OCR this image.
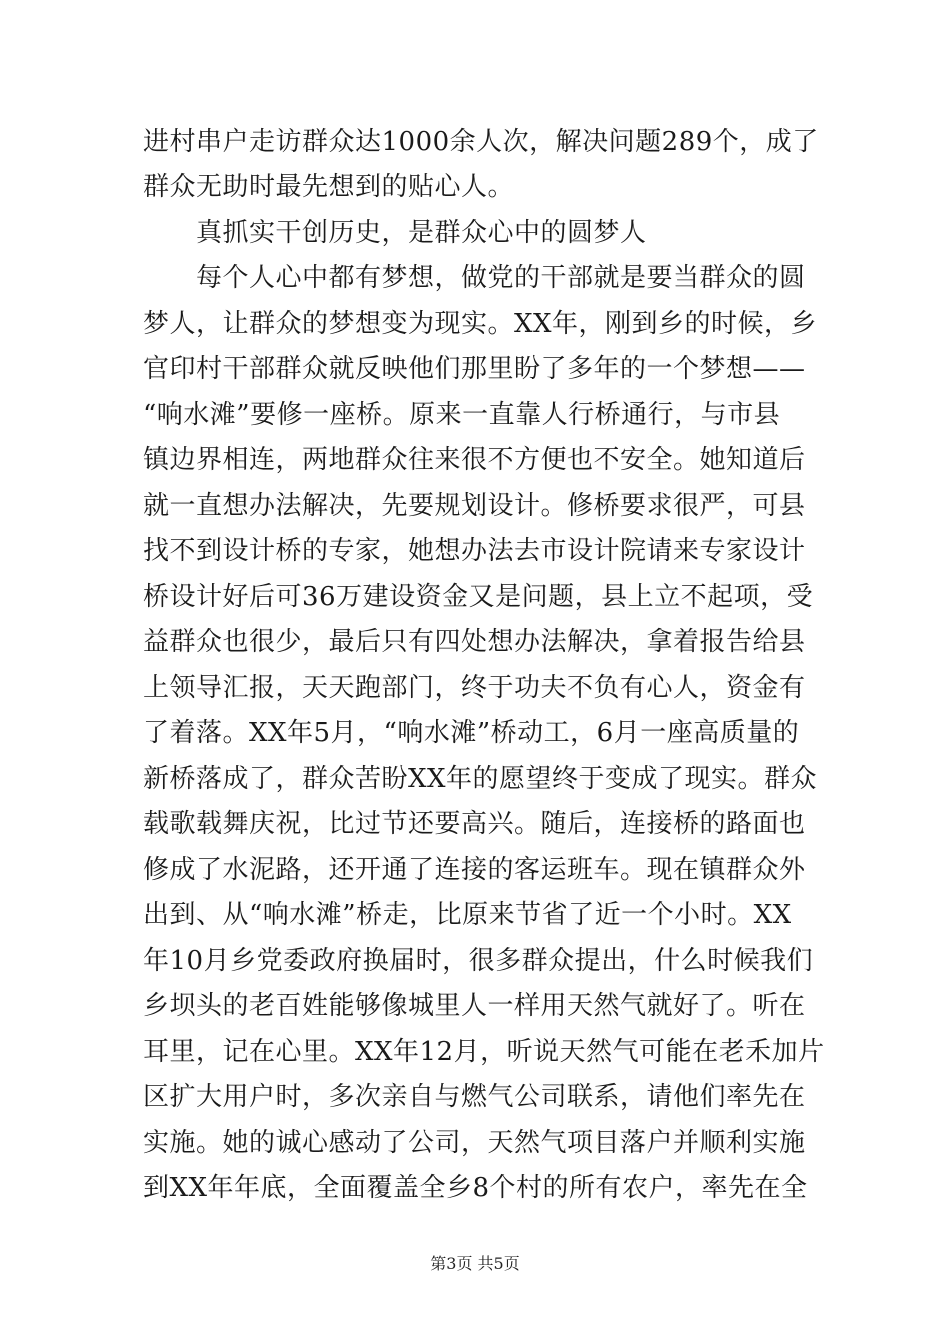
进村串户走访群众达1000余人次，解决问题289个，成了
群众无助时最先想到的贴心人。
真抓实干创历史，是群众心中的圆梦人
每个人心中都有梦想，做党的干部就是要当群众的圆
梦人，让群众的梦想变为现实。XX年，刚到乡的时候，乡
官印村干部群众就反映他们那里盼了多年的一个梦想——
“响水滩”要修一座桥。原来一直靠人行桥通行，与市县
镇边界相连，两地群众往来很不方便也不安全。她知道后
就一直想办法解决，先要规划设计。修桥要求很严，可县
找不到设计桥的专家，她想办法去市设计院请来专家设计
桥设计好后可36万建设资金又是问题，县上立不起项，受
益群众也很少，最后只有四处想办法解决，拿着报告给县
上领导汇报，天天跑部门，终于功夫不负有心人，资金有
了着落。XX年5月，“响水滩”桥动工，6月一座高质量的
新桥落成了，群众苦盼XX年的愿望终于变成了现实。群众
载歌载舞庆祝，比过节还要高兴。随后，连接桥的路面也
修成了水泥路，还开通了连接的客运班车。现在镇群众外
出到、从“响水滩”桥走，比原来节省了近一个小时。XX
年10月乡党委政府换届时，很多群众提出，什么时候我们
乡坝头的老百姓能够像城里人一样用天然气就好了。听在
耳里，记在心里。XX年12月，听说天然气可能在老禾加片
区扩大用户时，多次亲自与燃气公司联系，请他们率先在
实施。她的诚心感动了公司，天然气项目落户并顺利实施
到XX年年底，全面覆盖全乡8个村的所有农户，率先在全
第3页 共5页
